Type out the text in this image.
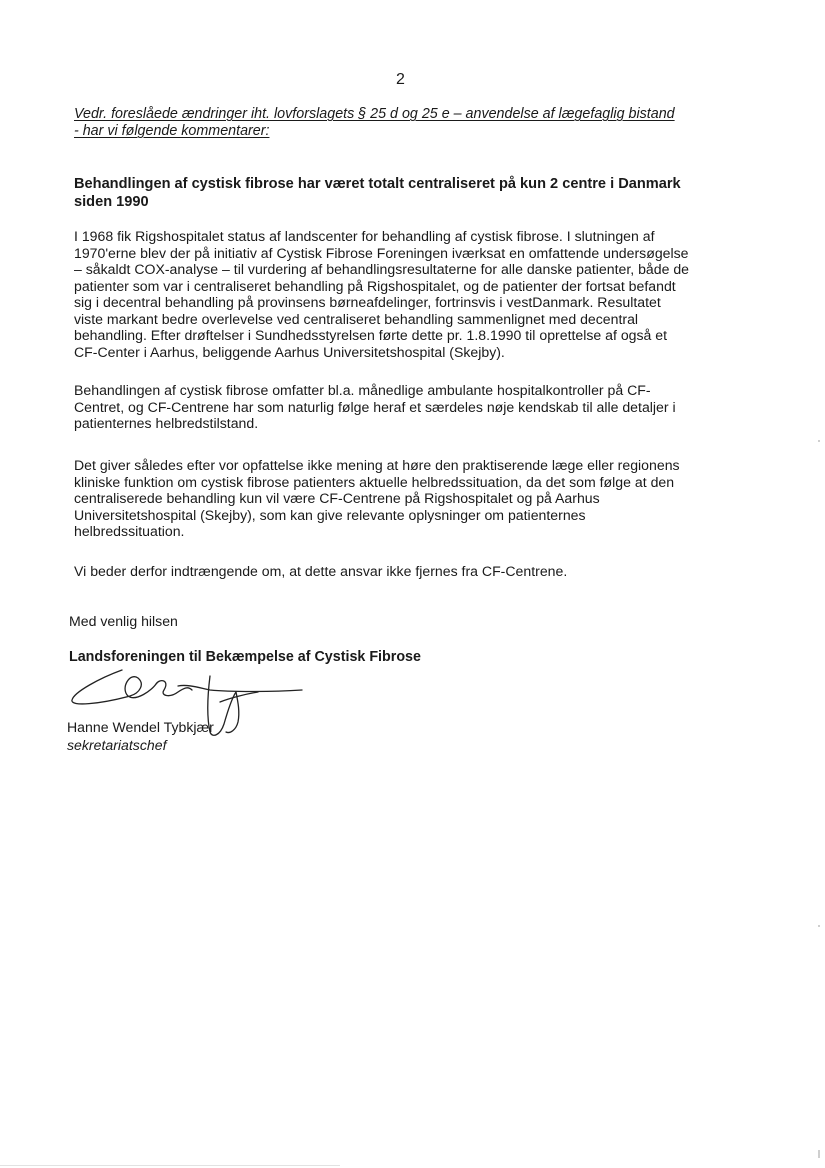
2
Vedr. foreslåede ændringer iht. lovforslagets § 25 d og 25 e – anvendelse af lægefaglig bistand
- har vi følgende kommentarer:
Behandlingen af cystisk fibrose har været totalt centraliseret på kun 2 centre i Danmark
siden 1990
I 1968 fik Rigshospitalet status af landscenter for behandling af cystisk fibrose. I slutningen af
1970'erne blev der på initiativ af Cystisk Fibrose Foreningen iværksat en omfattende undersøgelse
– såkaldt COX-analyse – til vurdering af behandlingsresultaterne for alle danske patienter, både de
patienter som var i centraliseret behandling på Rigshospitalet, og de patienter der fortsat befandt
sig i decentral behandling på provinsens børneafdelinger, fortrinsvis i vestDanmark. Resultatet
viste markant bedre overlevelse ved centraliseret behandling sammenlignet med decentral
behandling. Efter drøftelser i Sundhedsstyrelsen førte dette pr. 1.8.1990 til oprettelse af også et
CF-Center i Aarhus, beliggende Aarhus Universitetshospital (Skejby).
Behandlingen af cystisk fibrose omfatter bl.a. månedlige ambulante hospitalkontroller på CF-
Centret, og CF-Centrene har som naturlig følge heraf et særdeles nøje kendskab til alle detaljer i
patienternes helbredstilstand.
Det giver således efter vor opfattelse ikke mening at høre den praktiserende læge eller regionens
kliniske funktion om cystisk fibrose patienters aktuelle helbredssituation, da det som følge at den
centraliserede behandling kun vil være CF-Centrene på Rigshospitalet og på Aarhus
Universitetshospital (Skejby), som kan give relevante oplysninger om patienternes
helbredssituation.
Vi beder derfor indtrængende om, at dette ansvar ikke fjernes fra CF-Centrene.
Med venlig hilsen
Landsforeningen til Bekæmpelse af Cystisk Fibrose
Hanne Wendel Tybkjær
sekretariatschef
